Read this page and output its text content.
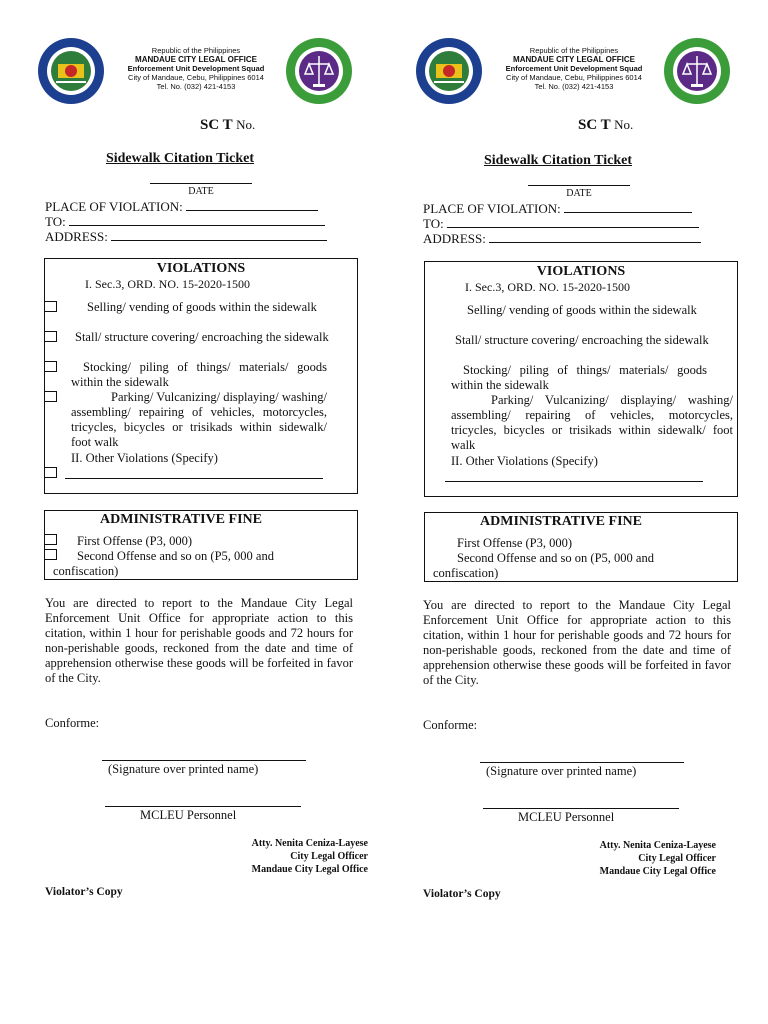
Republic of the Philippines
MANDAUE CITY LEGAL OFFICE
Enforcement Unit Development Squad
City of Mandaue, Cebu, Philippines 6014
Tel. No. (032) 421-4153
SC T No.
Sidewalk Citation Ticket
DATE
PLACE OF VIOLATION:
TO:
ADDRESS:
VIOLATIONS
I. Sec.3, ORD. NO. 15-2020-1500
Selling/ vending of goods within the sidewalk
Stall/ structure covering/ encroaching the sidewalk
Stocking/ piling of things/ materials/ goods within the sidewalk
Parking/ Vulcanizing/ displaying/ washing/ assembling/ repairing of vehicles, motorcycles, tricycles, bicycles or trisikads within sidewalk/ foot walk
II. Other Violations (Specify)
ADMINISTRATIVE FINE
First Offense (P3, 000)
Second Offense and so on (P5, 000 and confiscation)
You are directed to report to the Mandaue City Legal Enforcement Unit Office for appropriate action to this citation, within 1 hour for perishable goods and 72 hours for non-perishable goods, reckoned from the date and time of apprehension otherwise these goods will be forfeited in favor of the City.
Conforme:
(Signature over printed name)
MCLEU Personnel
Atty. Nenita Ceniza-Layese
City Legal Officer
Mandaue City Legal Office
Violator’s Copy
Republic of the Philippines
MANDAUE CITY LEGAL OFFICE
Enforcement Unit Development Squad
City of Mandaue, Cebu, Philippines 6014
Tel. No. (032) 421-4153
SC T No.
Sidewalk Citation Ticket
DATE
PLACE OF VIOLATION:
TO:
ADDRESS:
VIOLATIONS
I. Sec.3, ORD. NO. 15-2020-1500
Selling/ vending of goods within the sidewalk
Stall/ structure covering/ encroaching the sidewalk
Stocking/ piling of things/ materials/ goods within the sidewalk
Parking/ Vulcanizing/ displaying/ washing/ assembling/ repairing of vehicles, motorcycles, tricycles, bicycles or trisikads within sidewalk/ foot walk
II. Other Violations (Specify)
ADMINISTRATIVE FINE
First Offense (P3, 000)
Second Offense and so on (P5, 000 and confiscation)
You are directed to report to the Mandaue City Legal Enforcement Unit Office for appropriate action to this citation, within 1 hour for perishable goods and 72 hours for non-perishable goods, reckoned from the date and time of apprehension otherwise these goods will be forfeited in favor of the City.
Conforme:
(Signature over printed name)
MCLEU Personnel
Atty. Nenita Ceniza-Layese
City Legal Officer
Mandaue City Legal Office
Violator’s Copy
